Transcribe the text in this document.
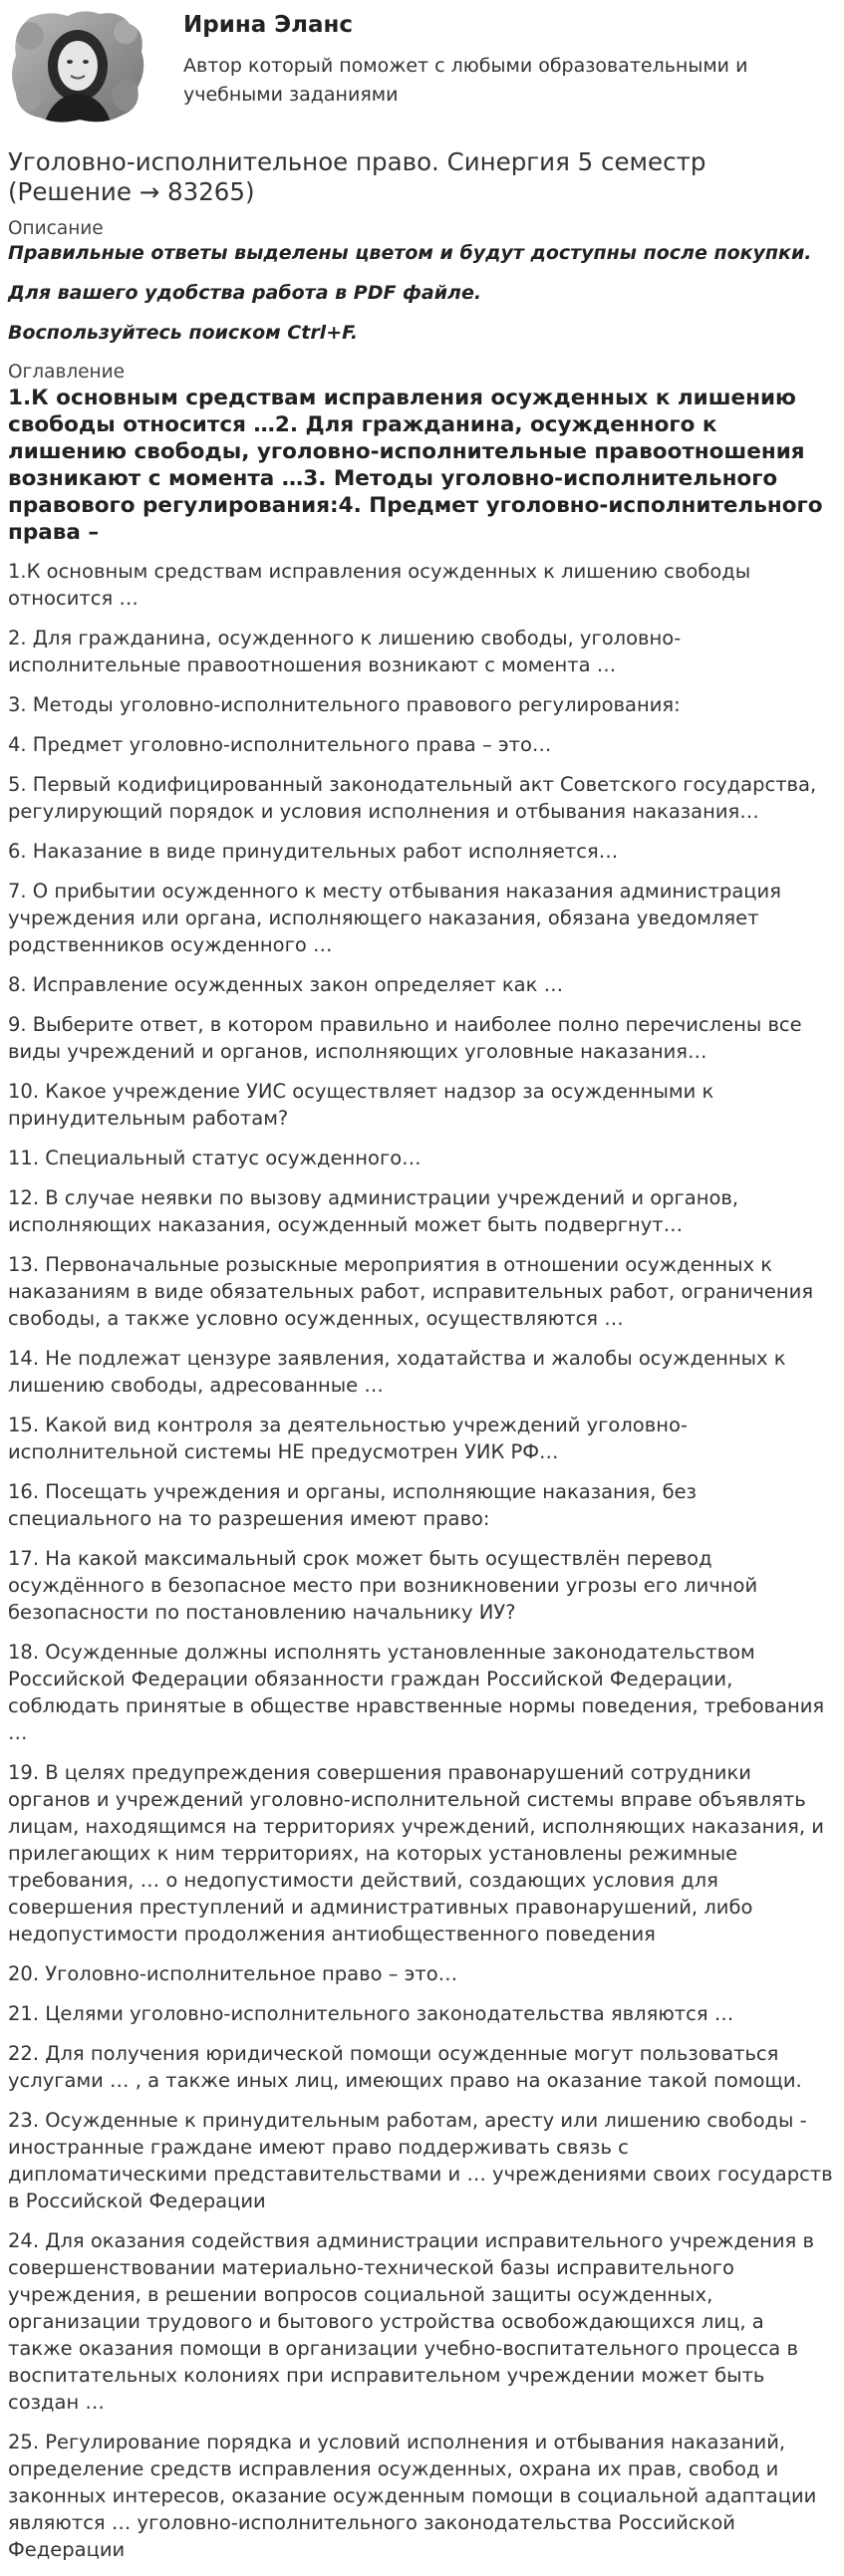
Ирина Эланс
Автор который поможет с любыми образовательными и учебными заданиями
Уголовно-исполнительное право. Синергия 5 семестр (Решение → 83265)
Описание

Правильные ответы выделены цветом и будут доступны после покупки.

Для вашего удобства работа в PDF файле.

Воспользуйтесь поиском Ctrl+F.

Оглавление

1.К основным средствам исправления осужденных к лишению свободы относится …2. Для гражданина, осужденного к лишению свободы, уголовно-исполнительные правоотношения возникают с момента …3. Методы уголовно-исполнительного правового регулирования:4. Предмет уголовно-исполнительного права –

1.К основным средствам исправления осужденных к лишению свободы относится …
2. Для гражданина, осужденного к лишению свободы, уголовно-исполнительные правоотношения возникают с момента …
3. Методы уголовно-исполнительного правового регулирования:
4. Предмет уголовно-исполнительного права – это…
5. Первый кодифицированный законодательный акт Советского государства, регулирующий порядок и условия исполнения и отбывания наказания…
6. Наказание в виде принудительных работ исполняется…
7. О прибытии осужденного к месту отбывания наказания администрация учреждения или органа, исполняющего наказания, обязана уведомляет родственников осужденного …
8. Исправление осужденных закон определяет как …
9. Выберите ответ, в котором правильно и наиболее полно перечислены все виды учреждений и органов, исполняющих уголовные наказания…
10. Какое учреждение УИС осуществляет надзор за осужденными к принудительным работам?
11. Специальный статус осужденного…
12. В случае неявки по вызову администрации учреждений и органов, исполняющих наказания, осужденный может быть подвергнут…
13. Первоначальные розыскные мероприятия в отношении осужденных к наказаниям в виде обязательных работ, исправительных работ, ограничения свободы, а также условно осужденных, осуществляются …
14. Не подлежат цензуре заявления, ходатайства и жалобы осужденных к лишению свободы, адресованные …
15. Какой вид контроля за деятельностью учреждений уголовно-исполнительной системы НЕ предусмотрен УИК РФ…
16. Посещать учреждения и органы, исполняющие наказания, без специального на то разрешения имеют право:
17. На какой максимальный срок может быть осуществлён перевод осуждённого в безопасное место при возникновении угрозы его личной безопасности по постановлению начальнику ИУ?
18. Осужденные должны исполнять установленные законодательством Российской Федерации обязанности граждан Российской Федерации, соблюдать принятые в обществе нравственные нормы поведения, требования …
19. В целях предупреждения совершения правонарушений сотрудники органов и учреждений уголовно-исполнительной системы вправе объявлять лицам, находящимся на территориях учреждений, исполняющих наказания, и прилегающих к ним территориях, на которых установлены режимные требования, … о недопустимости действий, создающих условия для совершения преступлений и административных правонарушений, либо недопустимости продолжения антиобщественного поведения
20. Уголовно-исполнительное право – это…
21. Целями уголовно-исполнительного законодательства являются …
22. Для получения юридической помощи осужденные могут пользоваться услугами … , а также иных лиц, имеющих право на оказание такой помощи.
23. Осужденные к принудительным работам, аресту или лишению свободы - иностранные граждане имеют право поддерживать связь с дипломатическими представительствами и … учреждениями своих государств в Российской Федерации
24. Для оказания содействия администрации исправительного учреждения в совершенствовании материально-технической базы исправительного учреждения, в решении вопросов социальной защиты осужденных, организации трудового и бытового устройства освобождающихся лиц, а также оказания помощи в организации учебно-воспитательного процесса в воспитательных колониях при исправительном учреждении может быть создан …
25. Регулирование порядка и условий исполнения и отбывания наказаний, определение средств исправления осужденных, охрана их прав, свобод и законных интересов, оказание осужденным помощи в социальной адаптации являются … уголовно-исполнительного законодательства Российской Федерации
